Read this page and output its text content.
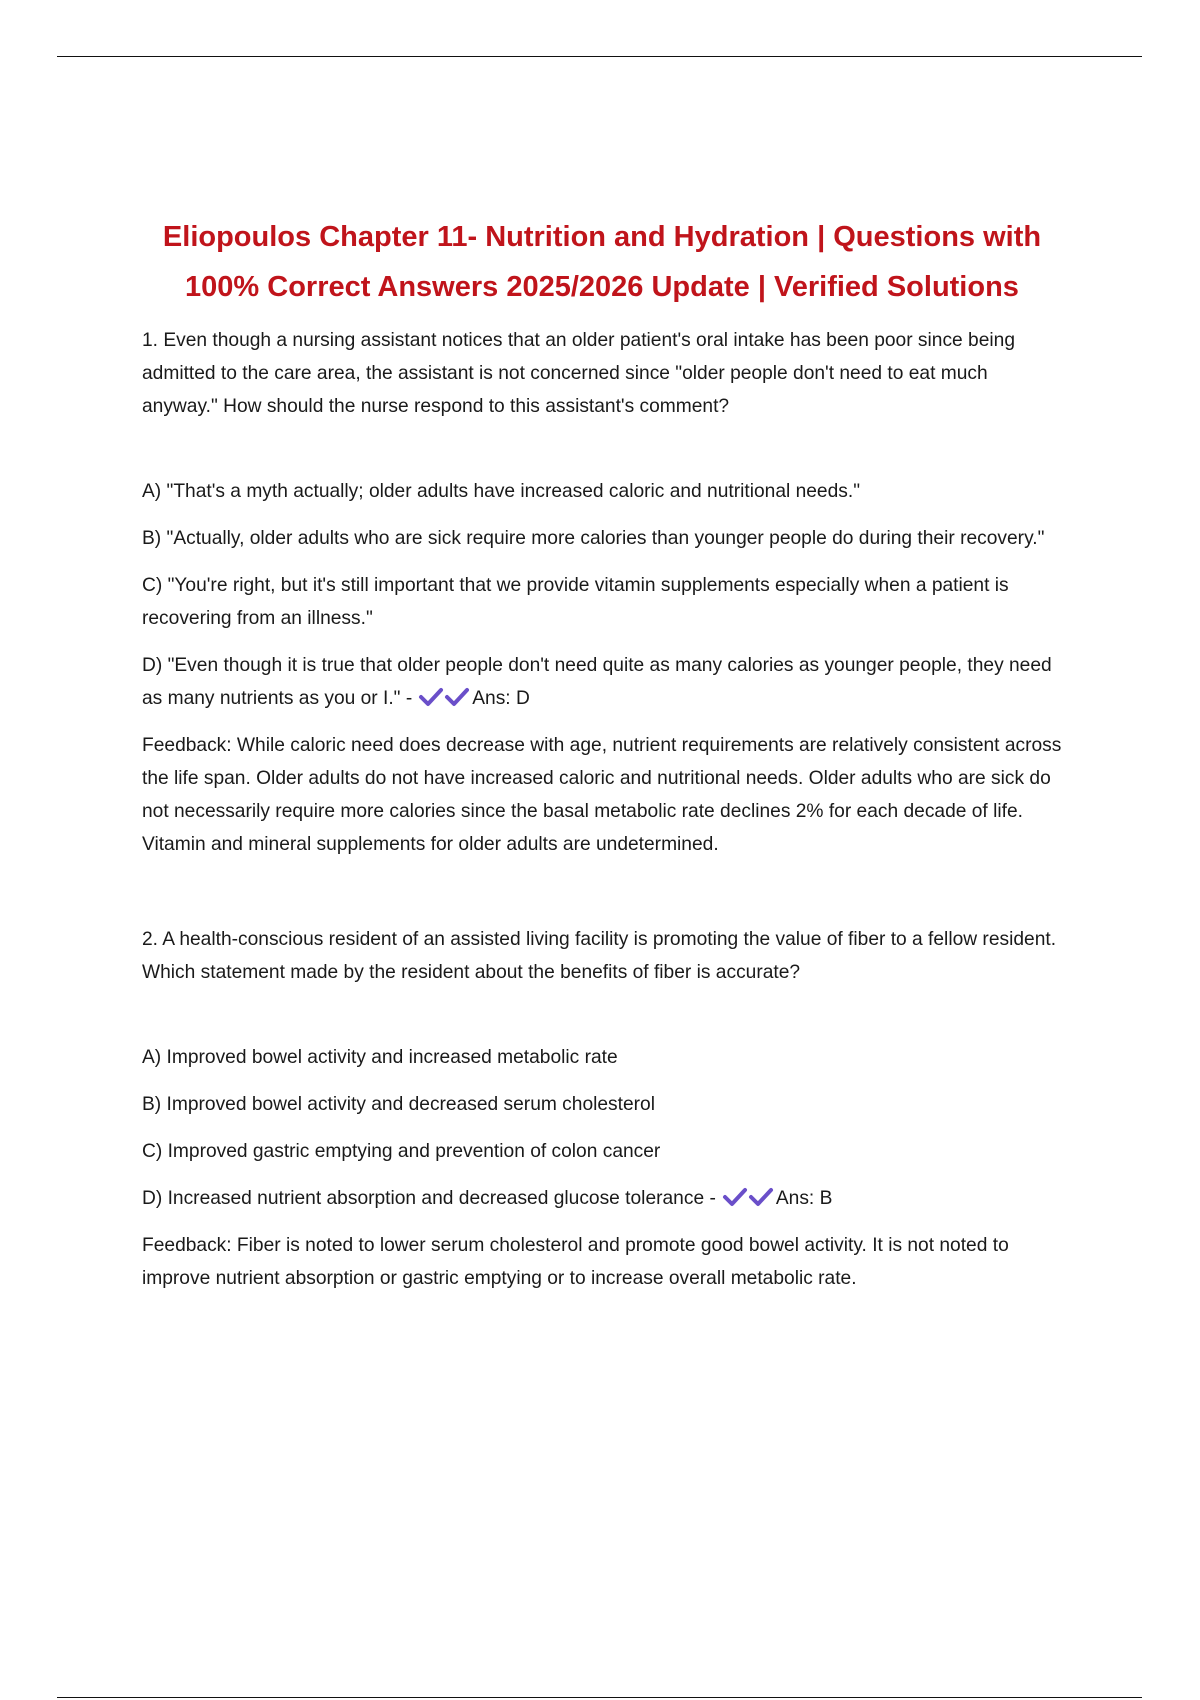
Eliopoulos Chapter 11- Nutrition and Hydration | Questions with 100% Correct Answers 2025/2026 Update | Verified Solutions

1. Even though a nursing assistant notices that an older patient's oral intake has been poor since being admitted to the care area, the assistant is not concerned since "older people don't need to eat much anyway." How should the nurse respond to this assistant's comment?

A) "That's a myth actually; older adults have increased caloric and nutritional needs."

B) "Actually, older adults who are sick require more calories than younger people do during their recovery."

C) "You're right, but it's still important that we provide vitamin supplements especially when a patient is recovering from an illness."

D) "Even though it is true that older people don't need quite as many calories as younger people, they need as many nutrients as you or I." -	Ans: D

Feedback: While caloric need does decrease with age, nutrient requirements are relatively consistent across the life span. Older adults do not have increased caloric and nutritional needs. Older adults who are sick do not necessarily require more calories since the basal metabolic rate declines 2% for each decade of life. Vitamin and mineral supplements for older adults are undetermined.

2. A health-conscious resident of an assisted living facility is promoting the value of fiber to a fellow resident. Which statement made by the resident about the benefits of fiber is accurate?

A) Improved bowel activity and increased metabolic rate

B) Improved bowel activity and decreased serum cholesterol

C) Improved gastric emptying and prevention of colon cancer

D) Increased nutrient absorption and decreased glucose tolerance -	Ans: B

Feedback: Fiber is noted to lower serum cholesterol and promote good bowel activity. It is not noted to improve nutrient absorption or gastric emptying or to increase overall metabolic rate.
